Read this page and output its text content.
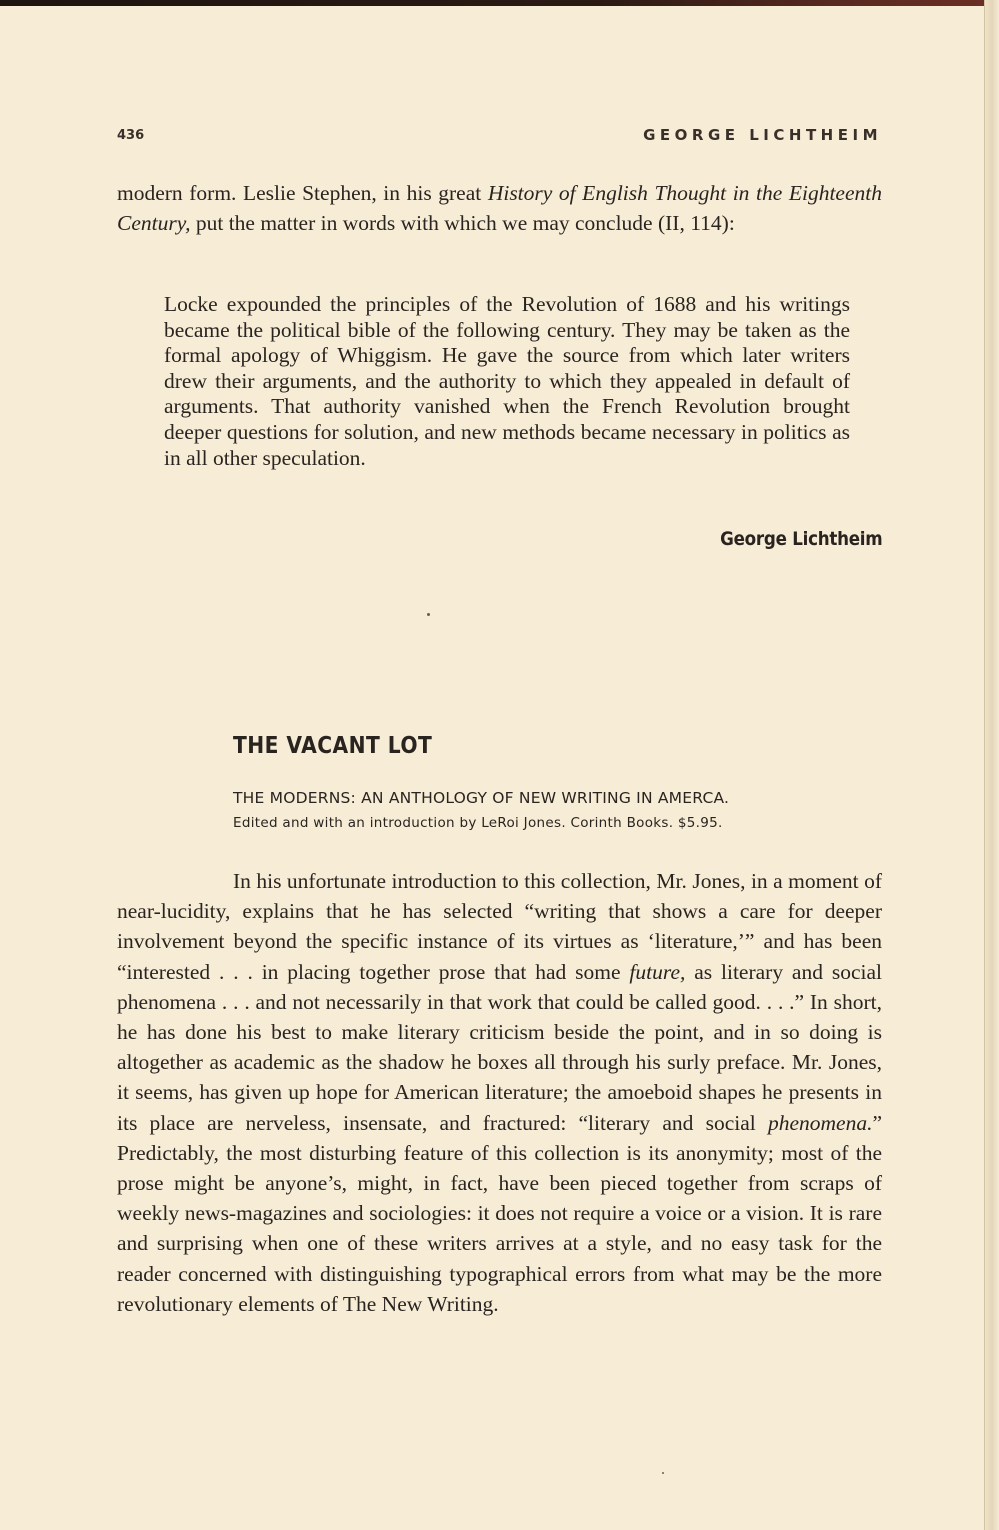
436	GEORGE LICHTHEIM

modern form. Leslie Stephen, in his great History of English Thought in the Eighteenth Century, put the matter in words with which we may conclude (II, 114):

Locke expounded the principles of the Revolution of 1688 and his writings became the political bible of the following century. They may be taken as the formal apology of Whiggism. He gave the source from which later writers drew their arguments, and the authority to which they appealed in default of arguments. That authority vanished when the French Revolution brought deeper questions for solution, and new methods became necessary in politics as in all other speculation.

George Lichtheim
THE VACANT LOT
THE MODERNS: AN ANTHOLOGY OF NEW WRITING IN AMERCA.
Edited and with an introduction by LeRoi Jones. Corinth Books. $5.95.

In his unfortunate introduction to this collection, Mr. Jones, in a moment of near-lucidity, explains that he has selected “writing that shows a care for deeper involvement beyond the specific instance of its virtues as ‘literature,’” and has been “interested . . . in placing together prose that had some future, as literary and social phenomena . . . and not necessarily in that work that could be called good. . . .” In short, he has done his best to make literary criticism beside the point, and in so doing is altogether as academic as the shadow he boxes all through his surly preface. Mr. Jones, it seems, has given up hope for American literature; the amoeboid shapes he presents in its place are nerveless, insensate, and fractured: “literary and social phenomena.” Predictably, the most disturbing feature of this collection is its anonymity; most of the prose might be anyone’s, might, in fact, have been pieced together from scraps of weekly news-magazines and sociologies: it does not require a voice or a vision. It is rare and surprising when one of these writers arrives at a style, and no easy task for the reader concerned with distinguishing typographical errors from what may be the more revolutionary elements of The New Writing.
